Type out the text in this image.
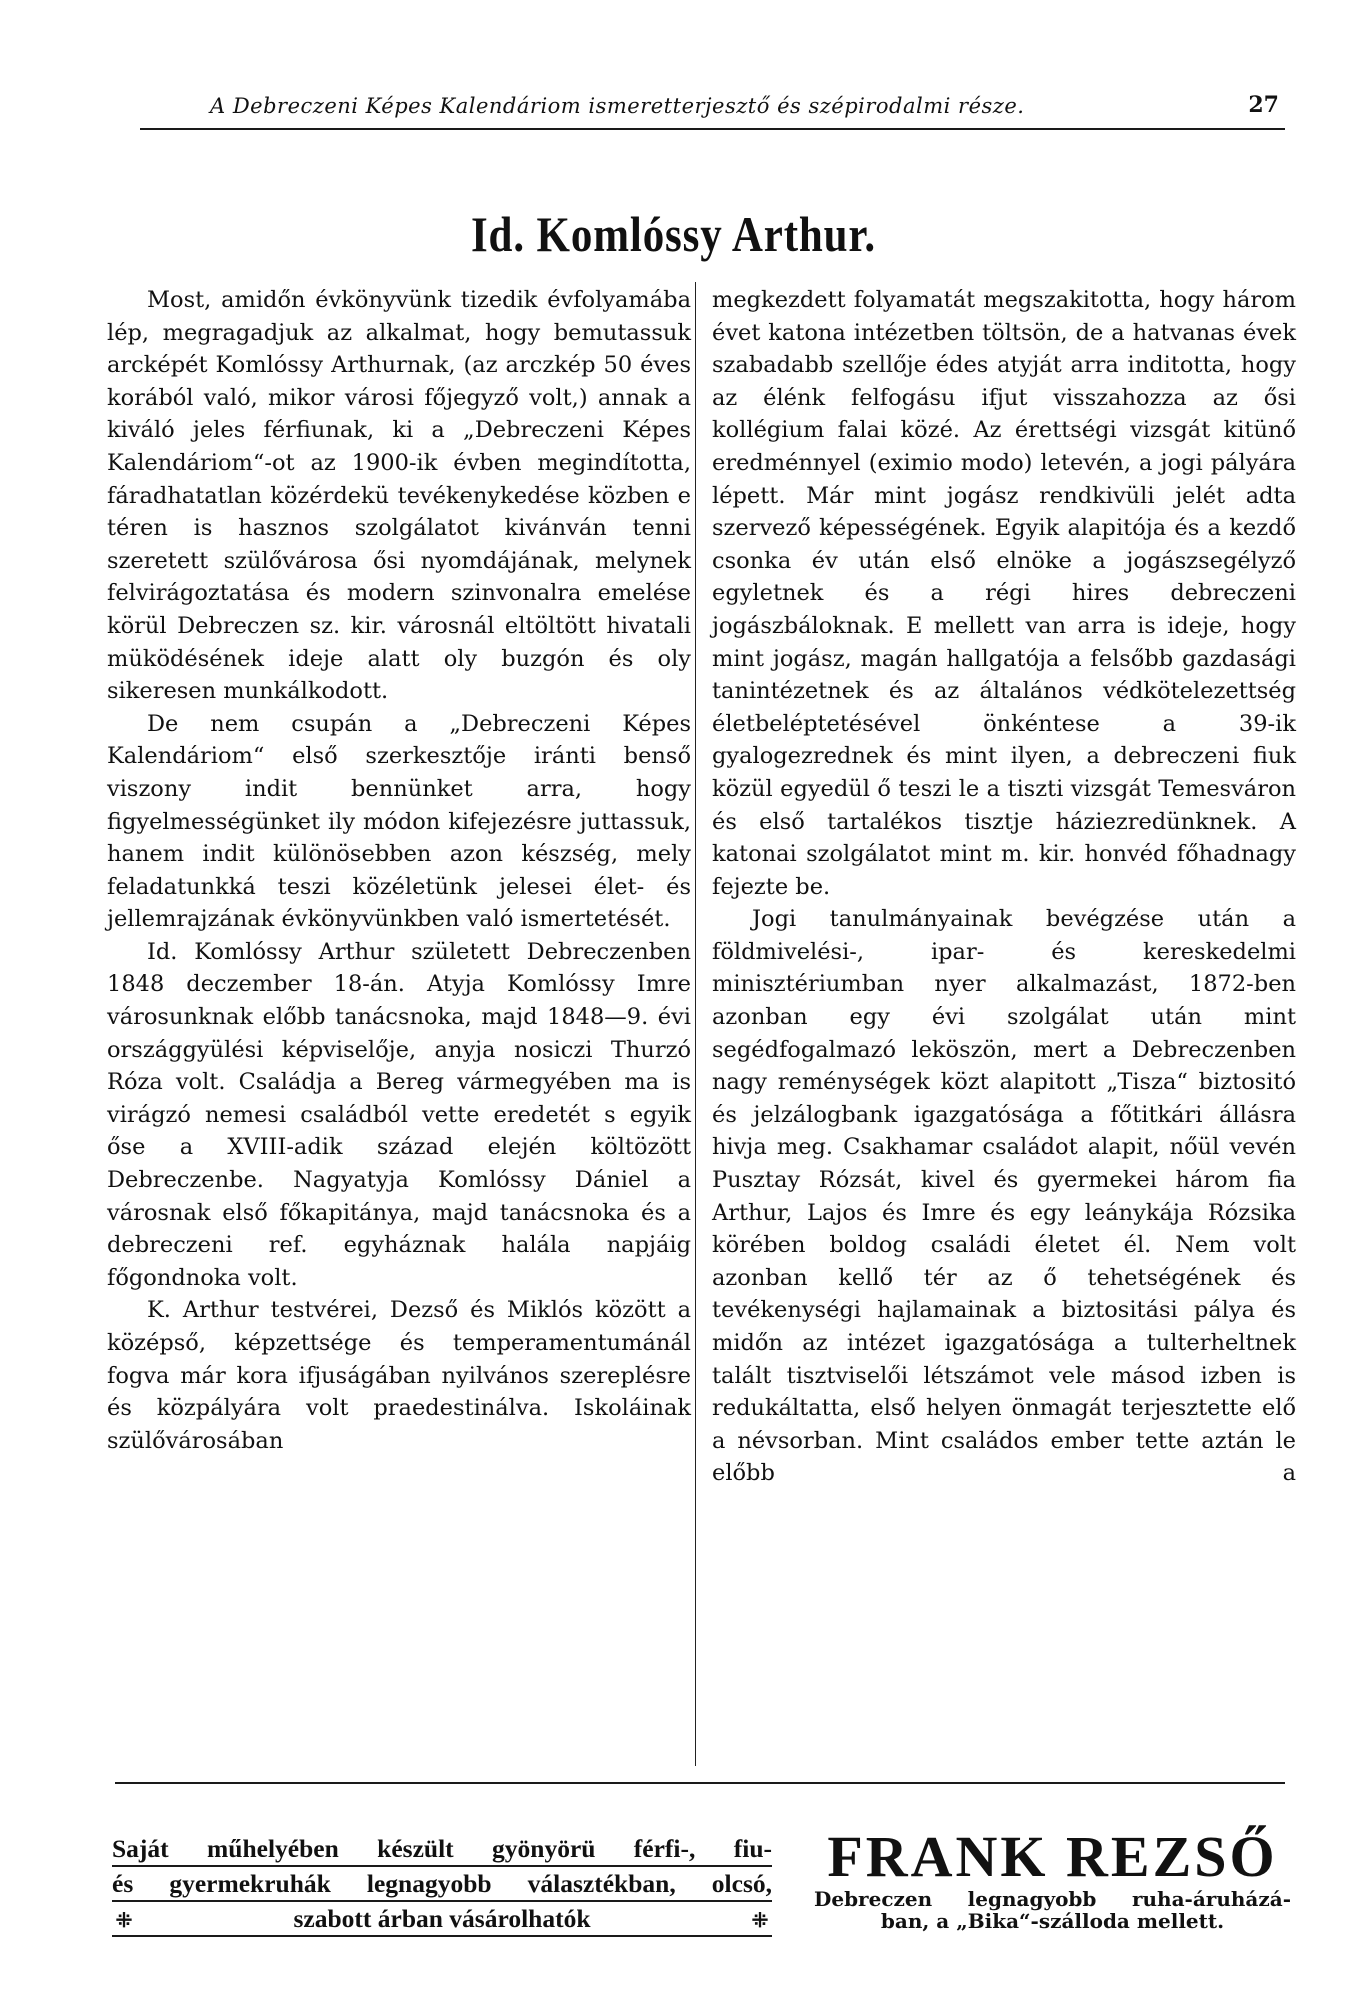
A Debreczeni Képes Kalendáriom ismeretterjesztő és szépirodalmi része.	27
Id. Komlóssy Arthur.

Most, amidőn évkönyvünk tizedik évfolyamába lép, megragadjuk az alkalmat, hogy bemutassuk arcképét Komlóssy Arthurnak, (az arczkép 50 éves korából való, mikor városi főjegyző volt,) annak a kiváló jeles férfiunak, ki a „Debreczeni Képes Kalendáriom“-ot az 1900-ik évben megindította, fáradhatatlan közérdekü tevékenykedése közben e téren is hasznos szolgálatot kivánván tenni szeretett szülővárosa ősi nyomdájának, melynek felvirágoztatása és modern szinvonalra emelése körül Debreczen sz. kir. városnál eltöltött hivatali müködésének ideje alatt oly buzgón és oly sikeresen munkálkodott.

De nem csupán a „Debreczeni Képes Kalendáriom“ első szerkesztője iránti benső viszony indit bennünket arra, hogy figyelmességünket ily módon kifejezésre juttassuk, hanem indit különösebben azon készség, mely feladatunkká teszi közéletünk jelesei élet- és jellemrajzának évkönyvünkben való ismertetését.

Id. Komlóssy Arthur született Debreczenben 1848 deczember 18-án. Atyja Komlóssy Imre városunknak előbb tanácsnoka, majd 1848—9. évi országgyülési képviselője, anyja nosiczi Thurzó Róza volt. Családja a Bereg vármegyében ma is virágzó nemesi családból vette eredetét s egyik őse a XVIII-adik század elején költözött Debreczenbe. Nagyatyja Komlóssy Dániel a városnak első főkapitánya, majd tanácsnoka és a debreczeni ref. egyháznak halála napjáig főgondnoka volt.

K. Arthur testvérei, Dezső és Miklós között a középső, képzettsége és temperamentumánál fogva már kora ifjuságában nyilvános szereplésre és közpályára volt praedestinálva. Iskoláinak szülővárosában

megkezdett folyamatát megszakitotta, hogy három évet katona intézetben töltsön, de a hatvanas évek szabadabb szellője édes atyját arra inditotta, hogy az élénk felfogásu ifjut visszahozza az ősi kollégium falai közé. Az érettségi vizsgát kitünő eredménnyel (eximio modo) letevén, a jogi pályára lépett. Már mint jogász rendkivüli jelét adta szervező képességének. Egyik alapitója és a kezdő csonka év után első elnöke a jogászsegélyző egyletnek és a régi hires debreczeni jogászbáloknak. E mellett van arra is ideje, hogy mint jogász, magán hallgatója a felsőbb gazdasági tanintézetnek és az általános védkötelezettség életbeléptetésével önkéntese a 39-ik gyalogezrednek és mint ilyen, a debreczeni fiuk közül egyedül ő teszi le a tiszti vizsgát Temesváron és első tartalékos tisztje háziezredünknek. A katonai szolgálatot mint m. kir. honvéd főhadnagy fejezte be.

Jogi tanulmányainak bevégzése után a földmivelési-, ipar- és kereskedelmi minisztériumban nyer alkalmazást, 1872-ben azonban egy évi szolgálat után mint segédfogalmazó leköszön, mert a Debreczenben nagy reménységek közt alapitott „Tisza“ biztositó és jelzálogbank igazgatósága a főtitkári állásra hivja meg. Csakhamar családot alapit, nőül vevén Pusztay Rózsát, kivel és gyermekei három fia Arthur, Lajos és Imre és egy leánykája Rózsika körében boldog családi életet él. Nem volt azonban kellő tér az ő tehetségének és tevékenységi hajlamainak a biztositási pálya és midőn az intézet igazgatósága a tulterheltnek talált tisztviselői létszámot vele másod izben is redukáltatta, első helyen önmagát terjesztette elő a névsorban. Mint családos ember tette aztán le előbb a

Saját műhelyében készült gyönyörü férfi-, fiu-
és gyermekruhák legnagyobb választékban, olcsó,
⁜	szabott árban vásárolhatók	⁜
FRANK REZSŐ
Debreczen legnagyobb ruha-áruházá-
ban, a „Bika“-szálloda mellett.
